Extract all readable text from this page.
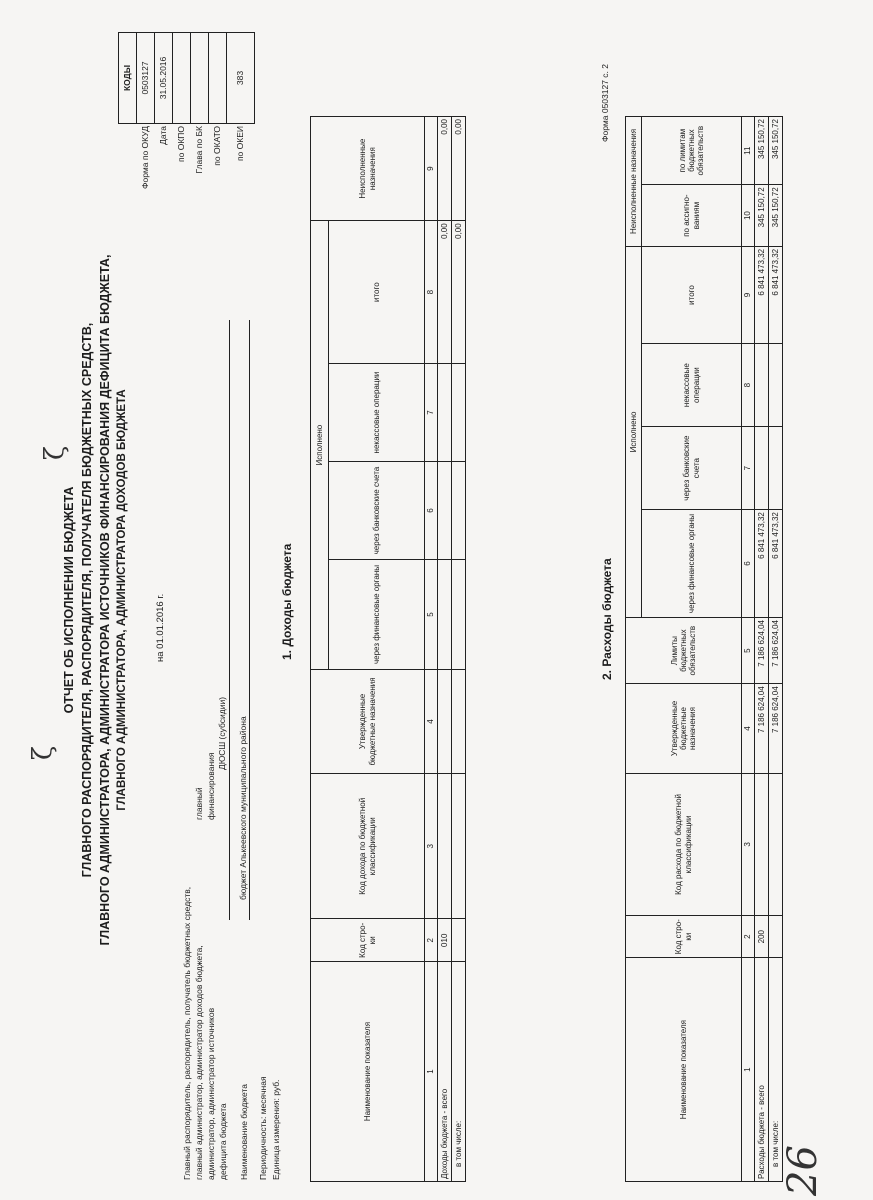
ОТЧЕТ ОБ ИСПОЛНЕНИИ БЮДЖЕТА ГЛАВНОГО РАСПОРЯДИТЕЛЯ, РАСПОРЯДИТЕЛЯ, ПОЛУЧАТЕЛЯ БЮДЖЕТНЫХ СРЕДСТВ, ГЛАВНОГО АДМИНИСТРАТОРА, АДМИНИСТРАТОРА ИСТОЧНИКОВ ФИНАНСИРОВАНИЯ ДЕФИЦИТА БЮДЖЕТА, ГЛАВНОГО АДМИНИСТРАТОРА, АДМИНИСТРАТОРА ДОХОДОВ БЮДЖЕТА	на 01.01.2016 г.
	КОДЫ
Форма по ОКУД	0503127
Дата	31.05.2016
по ОКПО	
Глава по БК	
по ОКАТО	
по ОКЕИ	383
Главный распорядитель, распорядитель, получатель бюджетных средств, главный администратор, администратор доходов бюджета,
главный
администратор, администратор источников
финансирования
дефицита бюджета
ДЮСШ (субсидии)
Наименование бюджета
бюджет Алькеевского муниципального района
Периодичность: месячная Единица измерения: руб.
1. Доходы бюджета
Наименование показателя	Код стро-ки	Код дохода по бюджетной классификации	Утвержденные бюджетные назначения	Исполнено				Неисполненные назначения
				через финансовые органы	через банковские счета	некассовые операции	итого	
1	2	3	4	5	6	7	8	9
Доходы бюджета - всего	010						0,00	0,00
в том числе:							0,00	0,00	Форма 0503127 с. 2
2. Расходы бюджета
Наименование показателя	Код стро-ки	Код расхода по бюджетной классификации	Утвержденные бюджетные назначения	Лимиты бюджетных обязательств	Исполнено				Неисполненные назначения	
					через финансовые органы	через банковские счета	некассовые операции	итого	по ассигно-ваниям	по лимитам бюджетных обязательств
1	2	3	4	5	6	7	8	9	10	11
Расходы бюджета - всего	200		7 186 624,04	7 186 624,04	6 841 473,32			6 841 473,32	345 150,72	345 150,72
в том числе:			7 186 624,04	7 186 624,04	6 841 473,32			6 841 473,32	345 150,72	345 150,72
ζ
ζ
26
